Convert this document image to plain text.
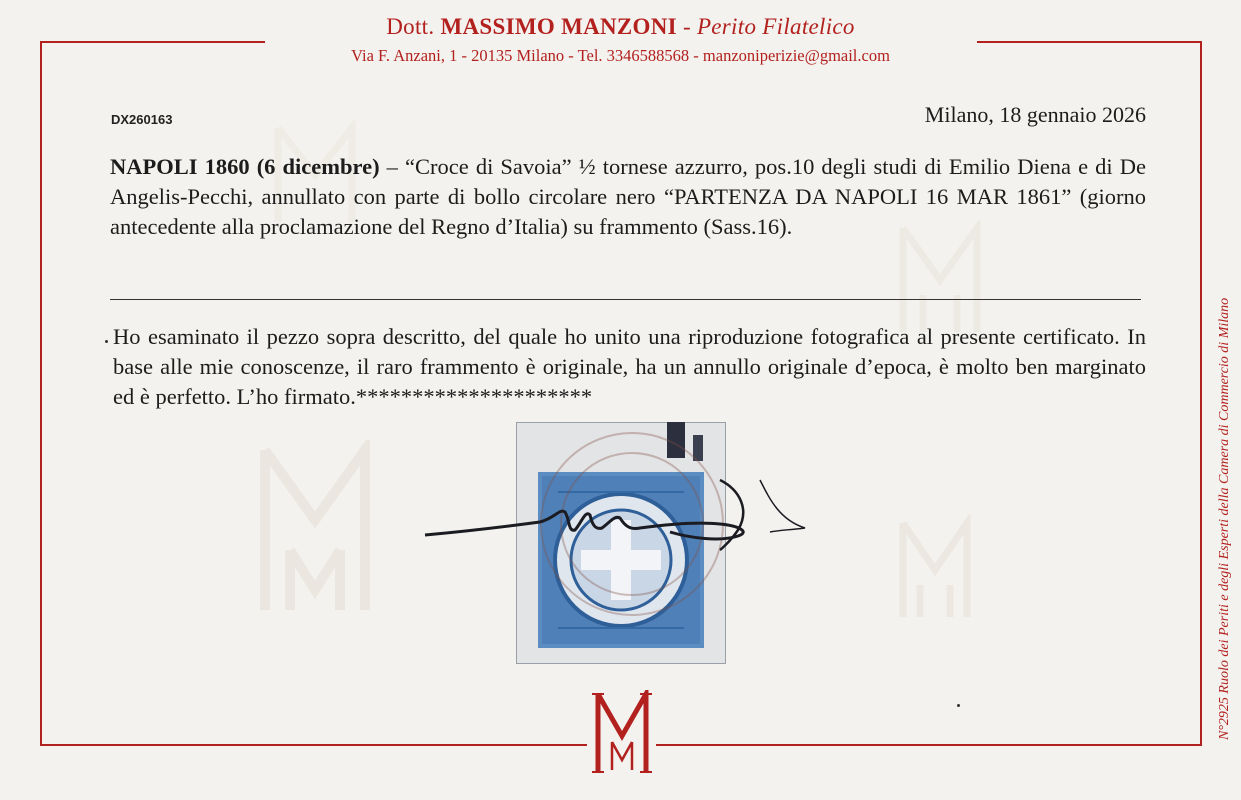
Dott. MASSIMO MANZONI - Perito Filatelico
Via F. Anzani, 1 - 20135 Milano - Tel. 3346588568 - manzoniperizie@gmail.com
DX260163	Milano, 18 gennaio 2026
NAPOLI 1860 (6 dicembre) – “Croce di Savoia” ½ tornese azzurro, pos.10 degli studi di Emilio Diena e di De Angelis-Pecchi, annullato con parte di bollo circolare nero “PARTENZA DA NAPOLI 16 MAR 1861” (giorno antecedente alla proclamazione del Regno d’Italia) su frammento (Sass.16).
Ho esaminato il pezzo sopra descritto, del quale ho unito una riproduzione fotografica al presente certificato. In base alle mie conoscenze, il raro frammento è originale, ha un annullo originale d’epoca, è molto ben marginato ed è perfetto. L’ho firmato.*********************	N°2925 Ruolo dei Periti e degli Esperti della Camera di Commercio di Milano
